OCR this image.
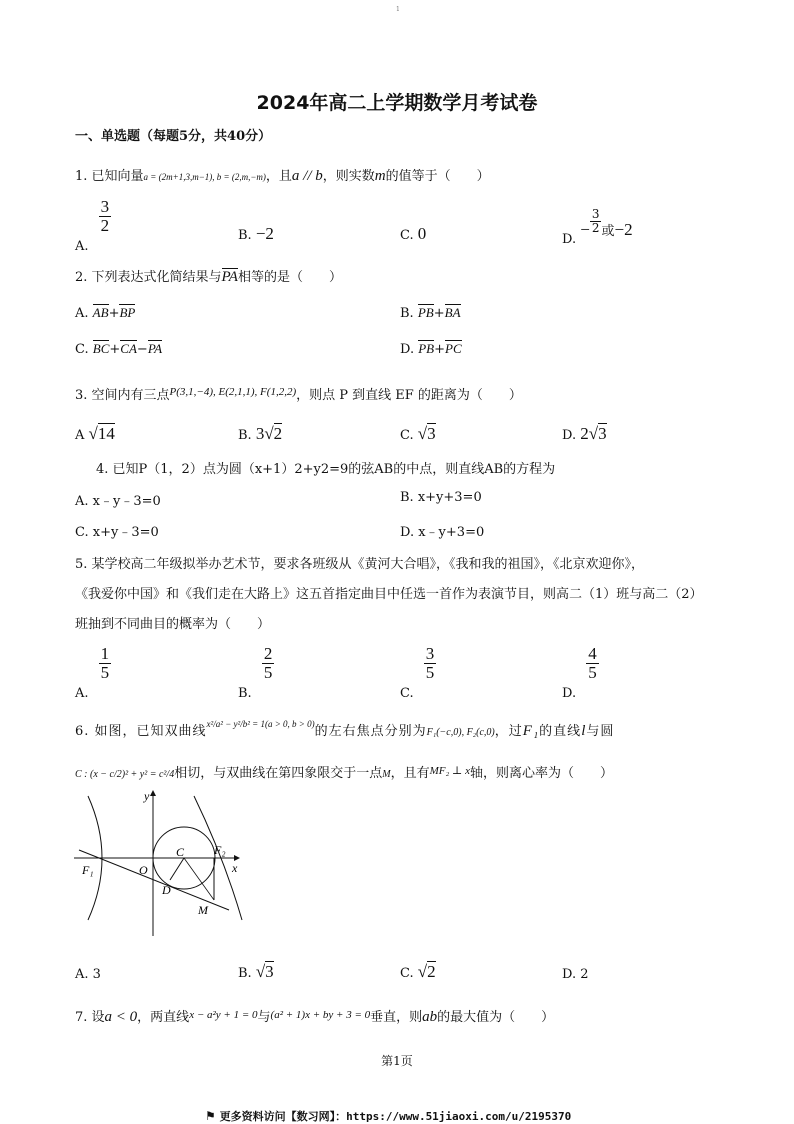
1
2024年高二上学期数学月考试卷
一、单选题（每题5分，共40分）
1. 已知向量a = (2m+1,3,m−1), b = (2,m,−m)，且a // b，则实数m的值等于（　　）
A.
$\frac{3}{2}$
B. −2	C. 0	D. − $\frac{3}{2}$ 或−2
2. 下列表达式化简结果与PA相等的是（　　）
A. AB+BP	B. PB+BA
C. BC+CA−PA	D. PB+PC
3. 空间内有三点$^{P(3,1,-4), E(2,1,1), F(1,2,2)}$，则点 P 到直线 EF 的距离为（　　）
A √14	B. 3√2	C. √3	D. 2√3
4. 已知P（1，2）点为圆（x+1）2+y2=9的弦AB的中点，则直线AB的方程为
A. x﹣y﹣3=0	B. x+y+3=0
C. x+y﹣3=0	D. x﹣y+3=0
5. 某学校高二年级拟举办艺术节，要求各班级从《黄河大合唱》，《我和我的祖国》，《北京欢迎你》，
《我爱你中国》和《我们走在大路上》这五首指定曲目中任选一首作为表演节目，则高二（1）班与高二（2）
班抽到不同曲目的概率为（　　）
A.
$\frac{1}{5}$
B.
$\frac{2}{5}$
C.
$\frac{3}{5}$
D.
$\frac{4}{5}$
6. 如图，已知双曲线$^{x^2/a^2 - y^2/b^2 = 1(a > 0, b > 0)}$的左右焦点分别为F₁(−c,0), F₂(c,0)，过F₁的直线l与圆
C : (x − c/2)² + y² = c²/4相切，与双曲线在第四象限交于一点M，且有$^{MF_2 \perp x}$轴，则离心率为（　　）
y
x
O
C
F₁
F₂
D
M
A. 3	B. √3	C. √2	D. 2
7. 设a < 0，两直线$^{x - a^2y + 1 = 0}$与$^{(a^2 + 1)x + by + 3 = 0}$垂直，则ab的最大值为（　　）
第1页
⚑ 更多资料访问【数习网】：https://www.51jiaoxi.com/u/2195370
